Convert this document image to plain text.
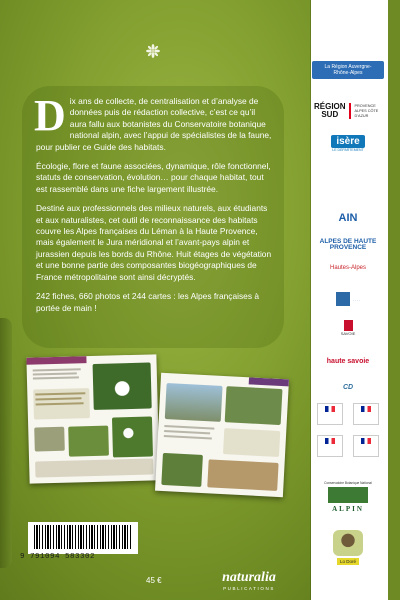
Dix ans de collecte, de centralisation et d’analyse de données puis de rédaction collective, c’est ce qu’il aura fallu aux botanistes du Conservatoire botanique national alpin, avec l’appui de spécialistes de la faune, pour publier ce Guide des habitats.

Écologie, flore et faune associées, dynamique, rôle fonctionnel, statuts de conservation, évolution… pour chaque habitat, tout est rassemblé dans une fiche largement illustrée.

Destiné aux professionnels des milieux naturels, aux étudiants et aux naturalistes, cet outil de reconnaissance des habitats couvre les Alpes françaises du Léman à la Haute Provence, mais également le Jura méridional et l’avant-pays alpin et jurassien depuis les bords du Rhône. Huit étages de végétation et une bonne partie des composantes biogéographiques de France métropolitaine sont ainsi décryptés.

242 fiches, 660 photos et 244 cartes : les Alpes françaises à portée de main !

9 791094 583302
45 €	naturalia
PUBLICATIONS
La Région Auvergne-Rhône-Alpes
RÉGION SUD
PROVENCE ALPES CÔTE D’AZUR
isère
LE DÉPARTEMENT
AIN
ALPES DE HAUTE PROVENCE
Hautes-Alpes
. . . .
SAVOIE
haute savoie
CD
Conservatoire Botanique National
ALPIN
Lo Doré
